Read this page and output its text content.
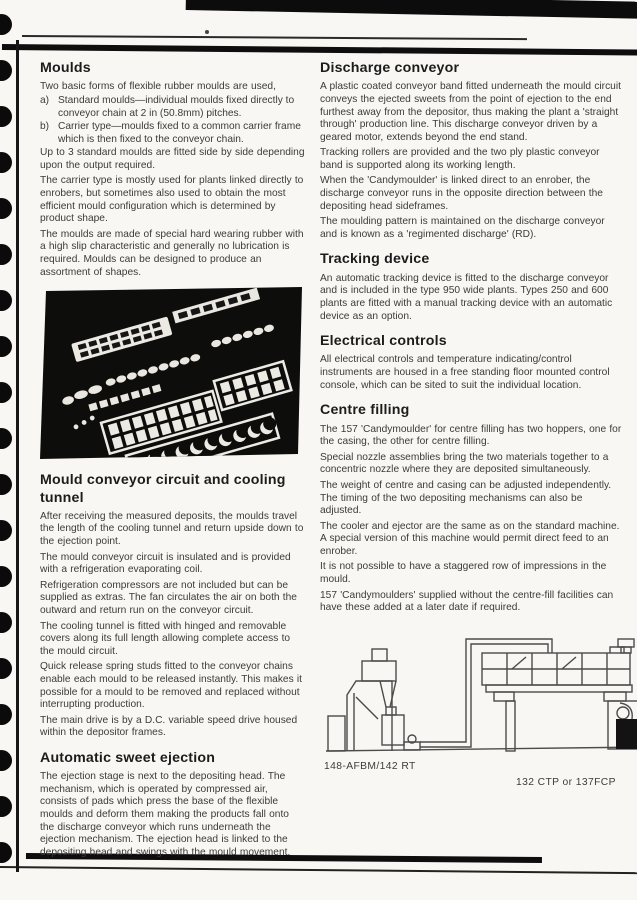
Moulds

Two basic forms of flexible rubber moulds are used,

a) Standard moulds—individual moulds fixed directly to conveyor chain at 2 in (50.8mm) pitches.
b) Carrier type—moulds fixed to a common carrier frame which is then fixed to the conveyor chain.

Up to 3 standard moulds are fitted side by side depending upon the output required.

The carrier type is mostly used for plants linked directly to enrobers, but sometimes also used to obtain the most efficient mould configuration which is determined by product shape.

The moulds are made of special hard wearing rubber with a high slip characteristic and generally no lubrication is required. Moulds can be designed to produce an assortment of shapes.

Mould conveyor circuit and cooling tunnel

After receiving the measured deposits, the moulds travel the length of the cooling tunnel and return upside down to the ejection point.

The mould conveyor circuit is insulated and is provided with a refrigeration evaporating coil.

Refrigeration compressors are not included but can be supplied as extras. The fan circulates the air on both the outward and return run on the conveyor circuit.

The cooling tunnel is fitted with hinged and removable covers along its full length allowing complete access to the mould circuit.

Quick release spring studs fitted to the conveyor chains enable each mould to be released instantly. This makes it possible for a mould to be removed and replaced without interrupting production.

The main drive is by a D.C. variable speed drive housed within the depositor frames.

Automatic sweet ejection

The ejection stage is next to the depositing head. The mechanism, which is operated by compressed air, consists of pads which press the base of the flexible moulds and deform them making the products fall onto the discharge conveyor which runs underneath the ejection mechanism. The ejection head is linked to the depositing head and swings with the mould movement.

Discharge conveyor

A plastic coated conveyor band fitted underneath the mould circuit conveys the ejected sweets from the point of ejection to the end furthest away from the depositor, thus making the plant a 'straight through' production line. This discharge conveyor driven by a geared motor, extends beyond the end stand.

Tracking rollers are provided and the two ply plastic conveyor band is supported along its working length.

When the 'Candymoulder' is linked direct to an enrober, the discharge conveyor runs in the opposite direction between the depositing head sideframes.

The moulding pattern is maintained on the discharge conveyor and is known as a 'regimented discharge' (RD).

Tracking device

An automatic tracking device is fitted to the discharge conveyor and is included in the type 950 wide plants. Types 250 and 600 plants are fitted with a manual tracking device with an automatic device as an option.

Electrical controls

All electrical controls and temperature indicating/control instruments are housed in a free standing floor mounted control console, which can be sited to suit the individual location.

Centre filling

The 157 'Candymoulder' for centre filling has two hoppers, one for the casing, the other for centre filling.

Special nozzle assemblies bring the two materials together to a concentric nozzle where they are deposited simultaneously.

The weight of centre and casing can be adjusted independently. The timing of the two depositing mechanisms can also be adjusted.

The cooler and ejector are the same as on the standard machine. A special version of this machine would permit direct feed to an enrober.

It is not possible to have a staggered row of impressions in the mould.

157 'Candymoulders' supplied without the centre-fill facilities can have these added at a later date if required.

148-AFBM/142 RT
132 CTP or 137FCP
